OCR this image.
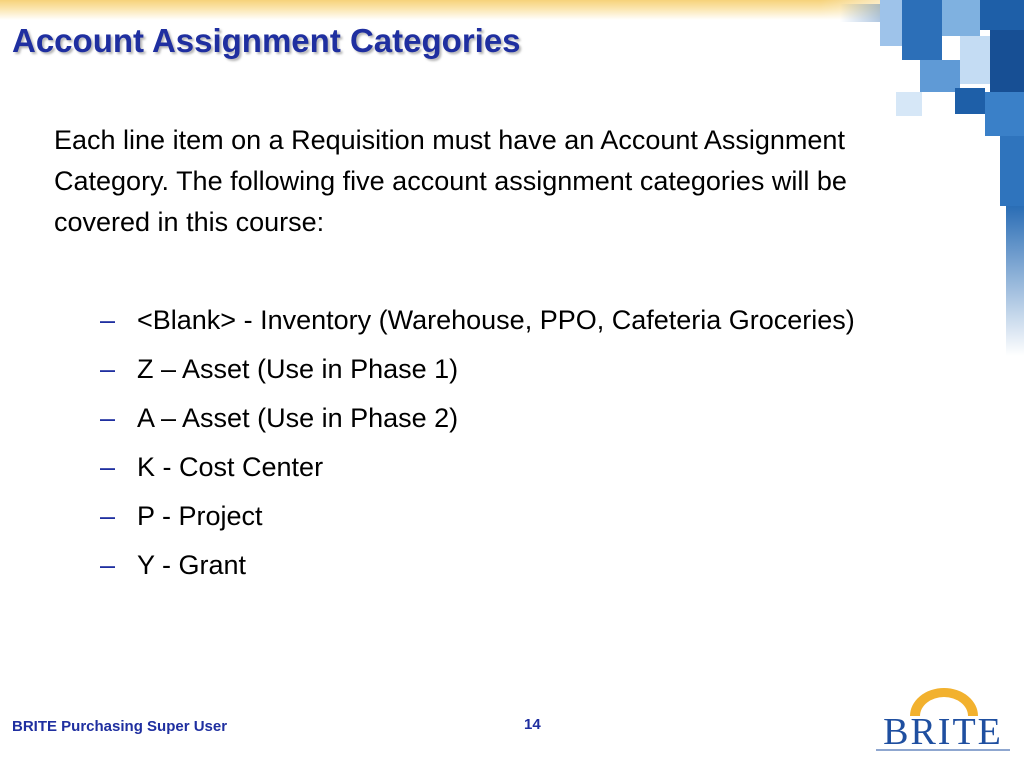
Account Assignment Categories

Each line item on a Requisition must have an Account Assignment Category. The following five account assignment categories will be covered in this course:

– <Blank> - Inventory (Warehouse, PPO, Cafeteria Groceries)
– Z – Asset (Use in Phase 1)
– A – Asset (Use in Phase 2)
– K - Cost Center
– P - Project
– Y - Grant
BRITE Purchasing Super User	14	BRITE
